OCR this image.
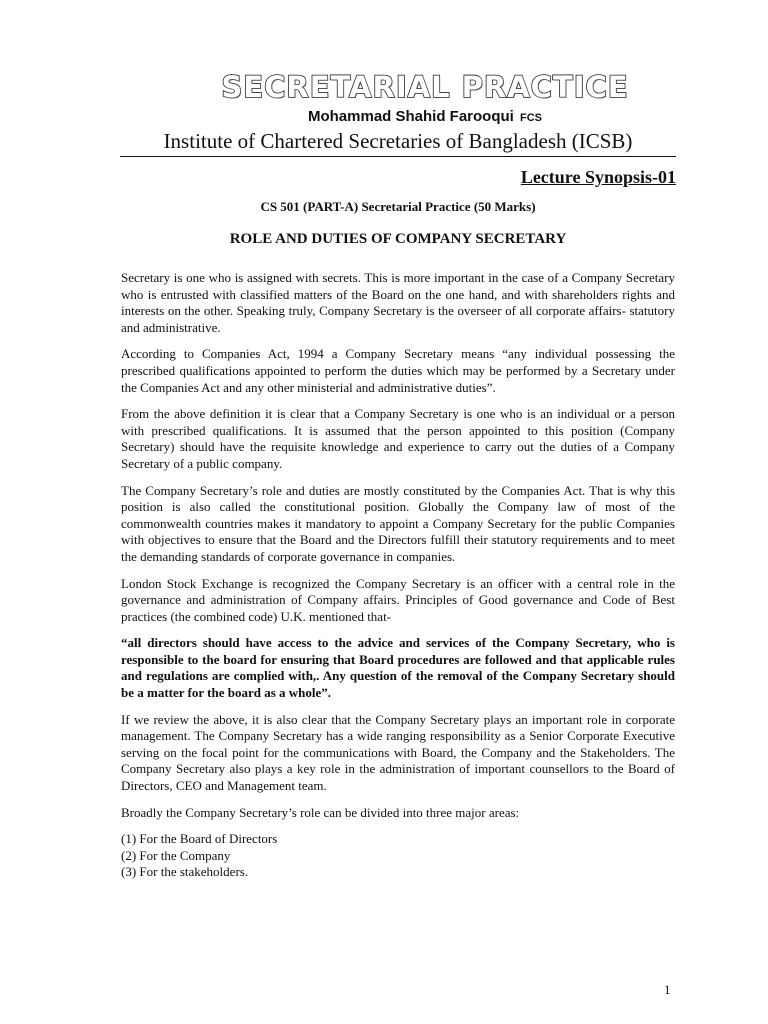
SECRETARIAL PRACTICE
Mohammad Shahid Farooqui FCS
Institute of Chartered Secretaries of Bangladesh (ICSB)
Lecture Synopsis-01
CS 501 (PART-A) Secretarial Practice (50 Marks)
ROLE AND DUTIES OF COMPANY SECRETARY

Secretary is one who is assigned with secrets. This is more important in the case of a Company Secretary who is entrusted with classified matters of the Board on the one hand, and with shareholders rights and interests on the other. Speaking truly, Company Secretary is the overseer of all corporate affairs- statutory and administrative.

According to Companies Act, 1994 a Company Secretary means “any individual possessing the prescribed qualifications appointed to perform the duties which may be performed by a Secretary under the Companies Act and any other ministerial and administrative duties”.

From the above definition it is clear that a Company Secretary is one who is an individual or a person with prescribed qualifications. It is assumed that the person appointed to this position (Company Secretary) should have the requisite knowledge and experience to carry out the duties of a Company Secretary of a public company.

The Company Secretary’s role and duties are mostly constituted by the Companies Act. That is why this position is also called the constitutional position. Globally the Company law of most of the commonwealth countries makes it mandatory to appoint a Company Secretary for the public Companies with objectives to ensure that the Board and the Directors fulfill their statutory requirements and to meet the demanding standards of corporate governance in companies.

London Stock Exchange is recognized the Company Secretary is an officer with a central role in the governance and administration of Company affairs. Principles of Good governance and Code of Best practices (the combined code) U.K. mentioned that-

“all directors should have access to the advice and services of the Company Secretary, who is responsible to the board for ensuring that Board procedures are followed and that applicable rules and regulations are complied with,. Any question of the removal of the Company Secretary should be a matter for the board as a whole”.

If we review the above, it is also clear that the Company Secretary plays an important role in corporate management. The Company Secretary has a wide ranging responsibility as a Senior Corporate Executive serving on the focal point for the communications with Board, the Company and the Stakeholders. The Company Secretary also plays a key role in the administration of important counsellors to the Board of Directors, CEO and Management team.

Broadly the Company Secretary’s role can be divided into three major areas:

(1) For the Board of Directors
(2) For the Company
(3) For the stakeholders.
1
